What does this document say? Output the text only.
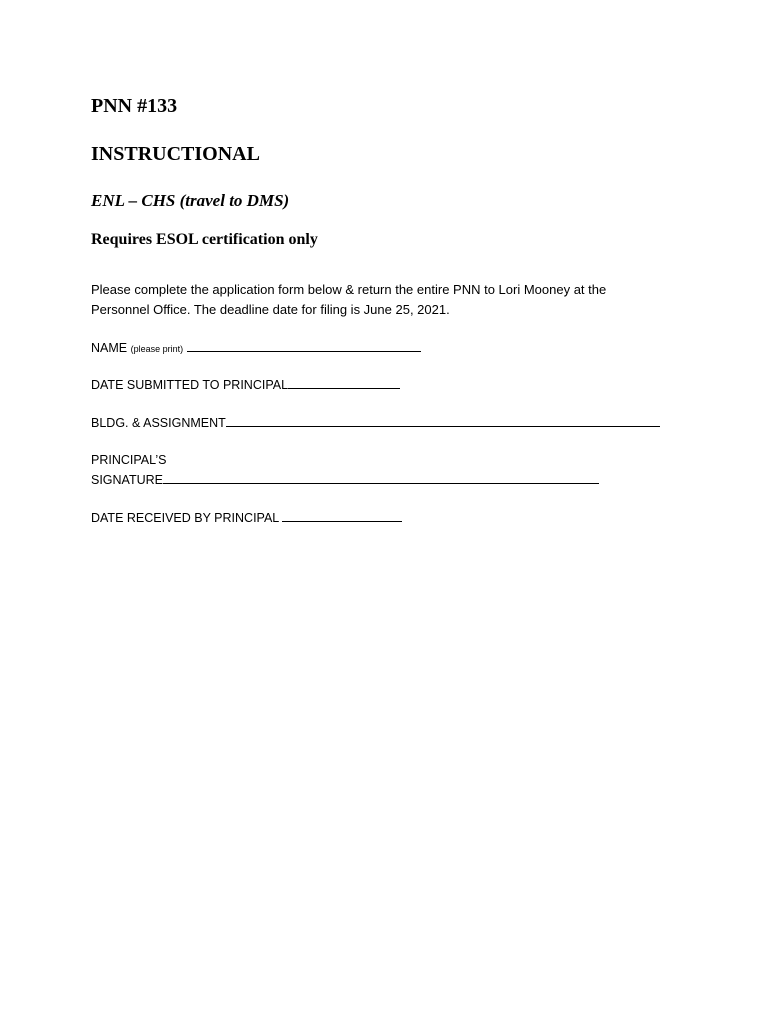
PNN #133
INSTRUCTIONAL
ENL – CHS (travel to DMS)
Requires ESOL certification only
Please complete the application form below & return the entire PNN to Lori Mooney at the
Personnel Office. The deadline date for filing is June 25, 2021.
NAME (please print)
DATE SUBMITTED TO PRINCIPAL
BLDG. & ASSIGNMENT
PRINCIPAL’S
SIGNATURE
DATE RECEIVED BY PRINCIPAL
